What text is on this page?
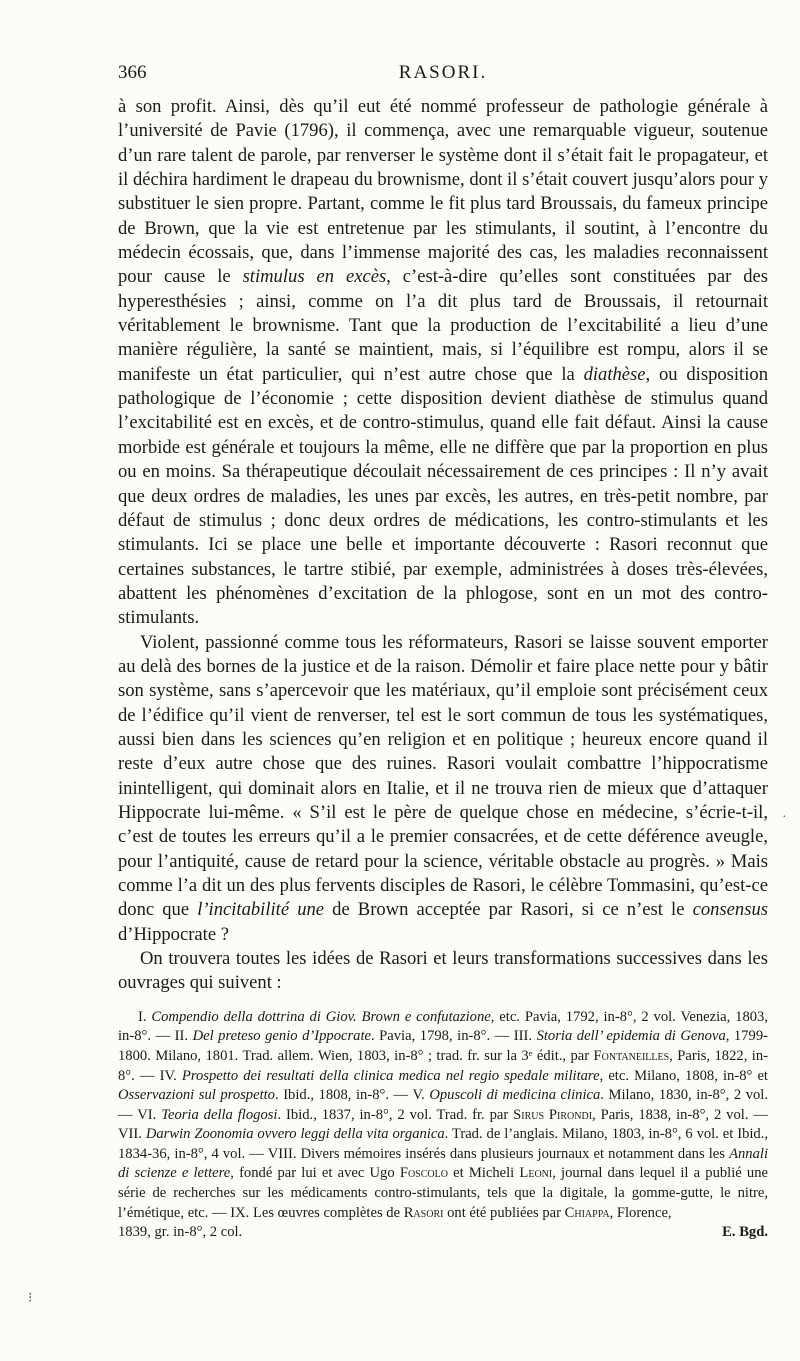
366	RASORI.

à son profit. Ainsi, dès qu’il eut été nommé professeur de pathologie générale à l’université de Pavie (1796), il commença, avec une remarquable vigueur, soutenue d’un rare talent de parole, par renverser le système dont il s’était fait le propagateur, et il déchira hardiment le drapeau du brownisme, dont il s’était couvert jusqu’alors pour y substituer le sien propre. Partant, comme le fit plus tard Broussais, du fameux principe de Brown, que la vie est entretenue par les stimulants, il soutint, à l’encontre du médecin écossais, que, dans l’immense majorité des cas, les maladies reconnaissent pour cause le stimulus en excès, c’est-à-dire qu’elles sont constituées par des hyperesthésies ; ainsi, comme on l’a dit plus tard de Broussais, il retournait véritablement le brownisme. Tant que la production de l’excitabilité a lieu d’une manière régulière, la santé se maintient, mais, si l’équilibre est rompu, alors il se manifeste un état particulier, qui n’est autre chose que la diathèse, ou disposition pathologique de l’économie ; cette disposition devient diathèse de stimulus quand l’excitabilité est en excès, et de contro-stimulus, quand elle fait défaut. Ainsi la cause morbide est générale et toujours la même, elle ne diffère que par la proportion en plus ou en moins. Sa thérapeutique découlait nécessairement de ces principes : Il n’y avait que deux ordres de maladies, les unes par excès, les autres, en très-petit nombre, par défaut de stimulus ; donc deux ordres de médications, les contro-stimulants et les stimulants. Ici se place une belle et importante découverte : Rasori reconnut que certaines substances, le tartre stibié, par exemple, administrées à doses très-élevées, abattent les phénomènes d’excitation de la phlogose, sont en un mot des contro-stimulants.

Violent, passionné comme tous les réformateurs, Rasori se laisse souvent emporter au delà des bornes de la justice et de la raison. Démolir et faire place nette pour y bâtir son système, sans s’apercevoir que les matériaux, qu’il emploie sont précisément ceux de l’édifice qu’il vient de renverser, tel est le sort commun de tous les systématiques, aussi bien dans les sciences qu’en religion et en politique ; heureux encore quand il reste d’eux autre chose que des ruines. Rasori voulait combattre l’hippocratisme inintelligent, qui dominait alors en Italie, et il ne trouva rien de mieux que d’attaquer Hippocrate lui-même. « S’il est le père de quelque chose en médecine, s’écrie-t-il, c’est de toutes les erreurs qu’il a le premier consacrées, et de cette déférence aveugle, pour l’antiquité, cause de retard pour la science, véritable obstacle au progrès. » Mais comme l’a dit un des plus fervents disciples de Rasori, le célèbre Tommasini, qu’est-ce donc que l’incitabilité une de Brown acceptée par Rasori, si ce n’est le consensus d’Hippocrate ?

On trouvera toutes les idées de Rasori et leurs transformations successives dans les ouvrages qui suivent :

I. Compendio della dottrina di Giov. Brown e confutazione, etc. Pavia, 1792, in-8°, 2 vol. Venezia, 1803, in-8°. — II. Del preteso genio d’Ippocrate. Pavia, 1798, in-8°. — III. Storia dell’ epidemia di Genova, 1799-1800. Milano, 1801. Trad. allem. Wien, 1803, in-8° ; trad. fr. sur la 3ᵉ édit., par Fontaneilles, Paris, 1822, in-8°. — IV. Prospetto dei resultati della clinica medica nel regio spedale militare, etc. Milano, 1808, in-8° et Osservazioni sul prospetto. Ibid., 1808, in-8°. — V. Opuscoli di medicina clinica. Milano, 1830, in-8°, 2 vol. — VI. Teoria della flogosi. Ibid., 1837, in-8°, 2 vol. Trad. fr. par Sirus Pirondi, Paris, 1838, in-8°, 2 vol. — VII. Darwin Zoonomia ovvero leggi della vita organica. Trad. de l’anglais. Milano, 1803, in-8°, 6 vol. et Ibid., 1834-36, in-8°, 4 vol. — VIII. Divers mémoires insérés dans plusieurs journaux et notamment dans les Annali di scienze e lettere, fondé par lui et avec Ugo Foscolo et Micheli Leoni, journal dans lequel il a publié une série de recherches sur les médicaments contro-stimulants, tels que la digitale, la gomme-gutte, le nitre, l’émétique, etc. — IX. Les œuvres complètes de Rasori ont été publiées par Chiappa, Florence,

1839, gr. in-8°, 2 col.	E. Bgd.
⁝
·
